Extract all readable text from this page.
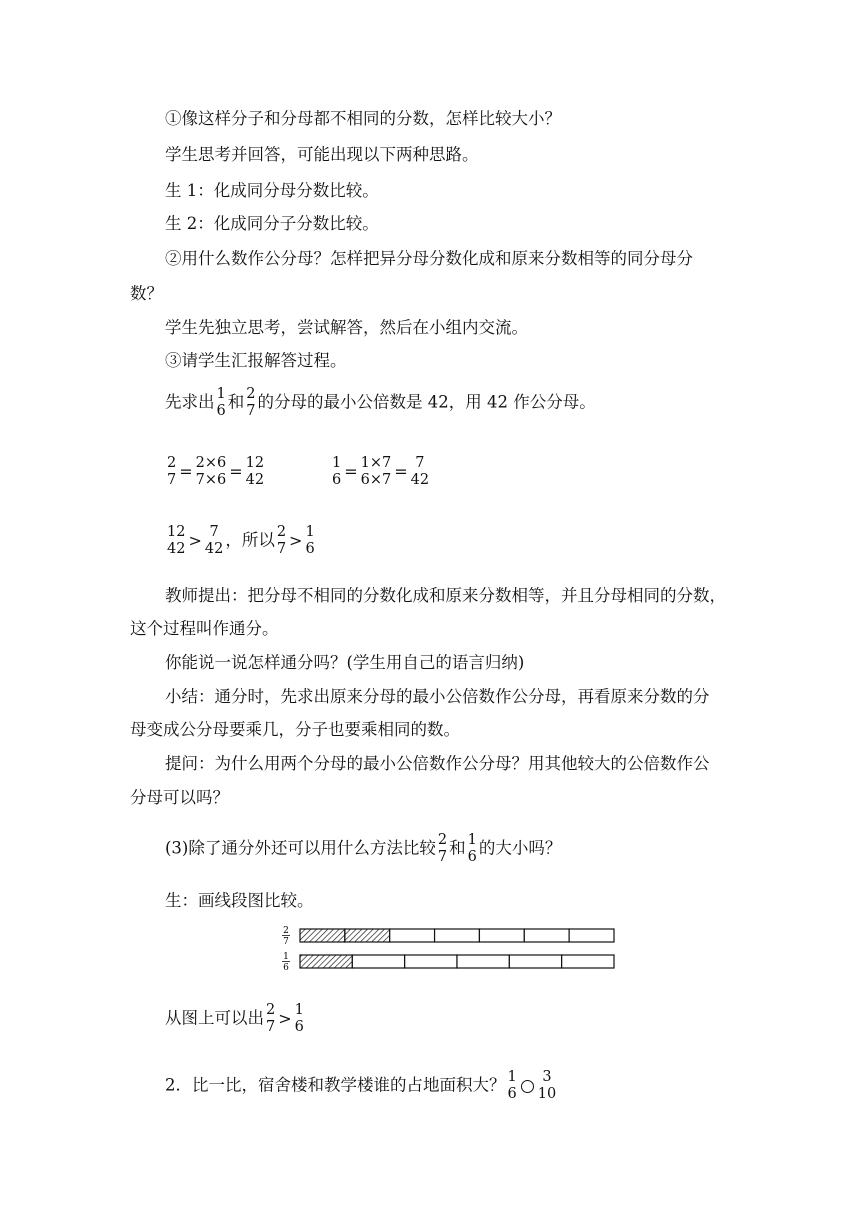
①像这样分子和分母都不相同的分数，怎样比较大小？
学生思考并回答，可能出现以下两种思路。
生 1：化成同分母分数比较。
生 2：化成同分子分数比较。
②用什么数作公分母？怎样把异分母分数化成和原来分数相等的同分母分
数？
学生先独立思考，尝试解答，然后在小组内交流。
③请学生汇报解答过程。
先求出 1
6 和 2
7 的分母的最小公倍数是 42，用 42 作公分母。
2
7 = 2×6
7×6 = 12
42
1
6 = 1×7
6×7 = 7
42
12
42 > 7
42 ，所以 2
7 > 1
6
教师提出：把分母不相同的分数化成和原来分数相等，并且分母相同的分数，
这个过程叫作通分。
你能说一说怎样通分吗？(学生用自己的语言归纳)
小结：通分时，先求出原来分母的最小公倍数作公分母，再看原来分数的分
母变成公分母要乘几，分子也要乘相同的数。
提问：为什么用两个分母的最小公倍数作公分母？用其他较大的公倍数作公
分母可以吗？
(3)除了通分外还可以用什么方法比较 2
7 和 1
6 的大小吗？
生：画线段图比较。
2
7
1
6
从图上可以出 2
7 > 1
6
2．比一比，宿舍楼和教学楼谁的占地面积大？ 1
6
3
10
